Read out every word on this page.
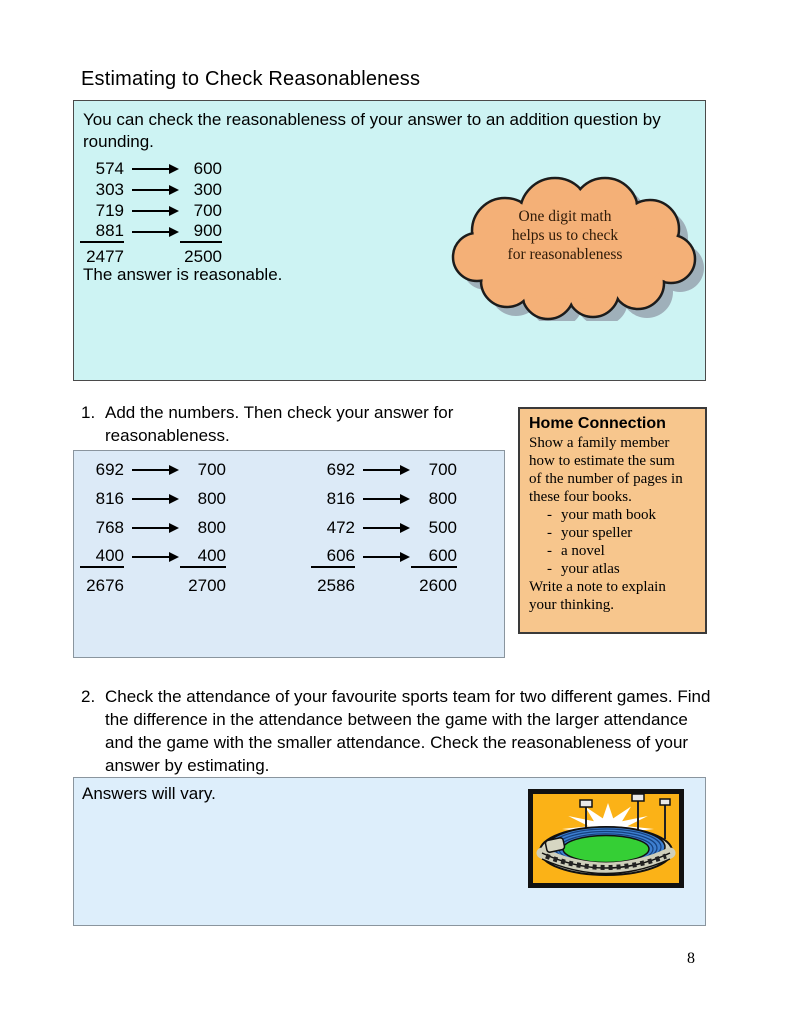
Estimating to Check Reasonableness
You can check the reasonableness of your answer to an addition question by rounding.
574	600
303	300
719	700
881	900
2477	2500
The answer is reasonable.
One digit math
helps us to check
for reasonableness
1. Add the numbers. Then check your answer for reasonableness.
692	700
816	800
768	800
400	400
2676	2700
692	700
816	800
472	500
606	600
2586	2600
Home Connection
Show a family member how to estimate the sum of the number of pages in these four books.
- your math book
- your speller
- a novel
- your atlas
Write a note to explain your thinking.
2. Check the attendance of your favourite sports team for two different games. Find the difference in the attendance between the game with the larger attendance and the game with the smaller attendance. Check the reasonableness of your answer by estimating.
Answers will vary.
8
